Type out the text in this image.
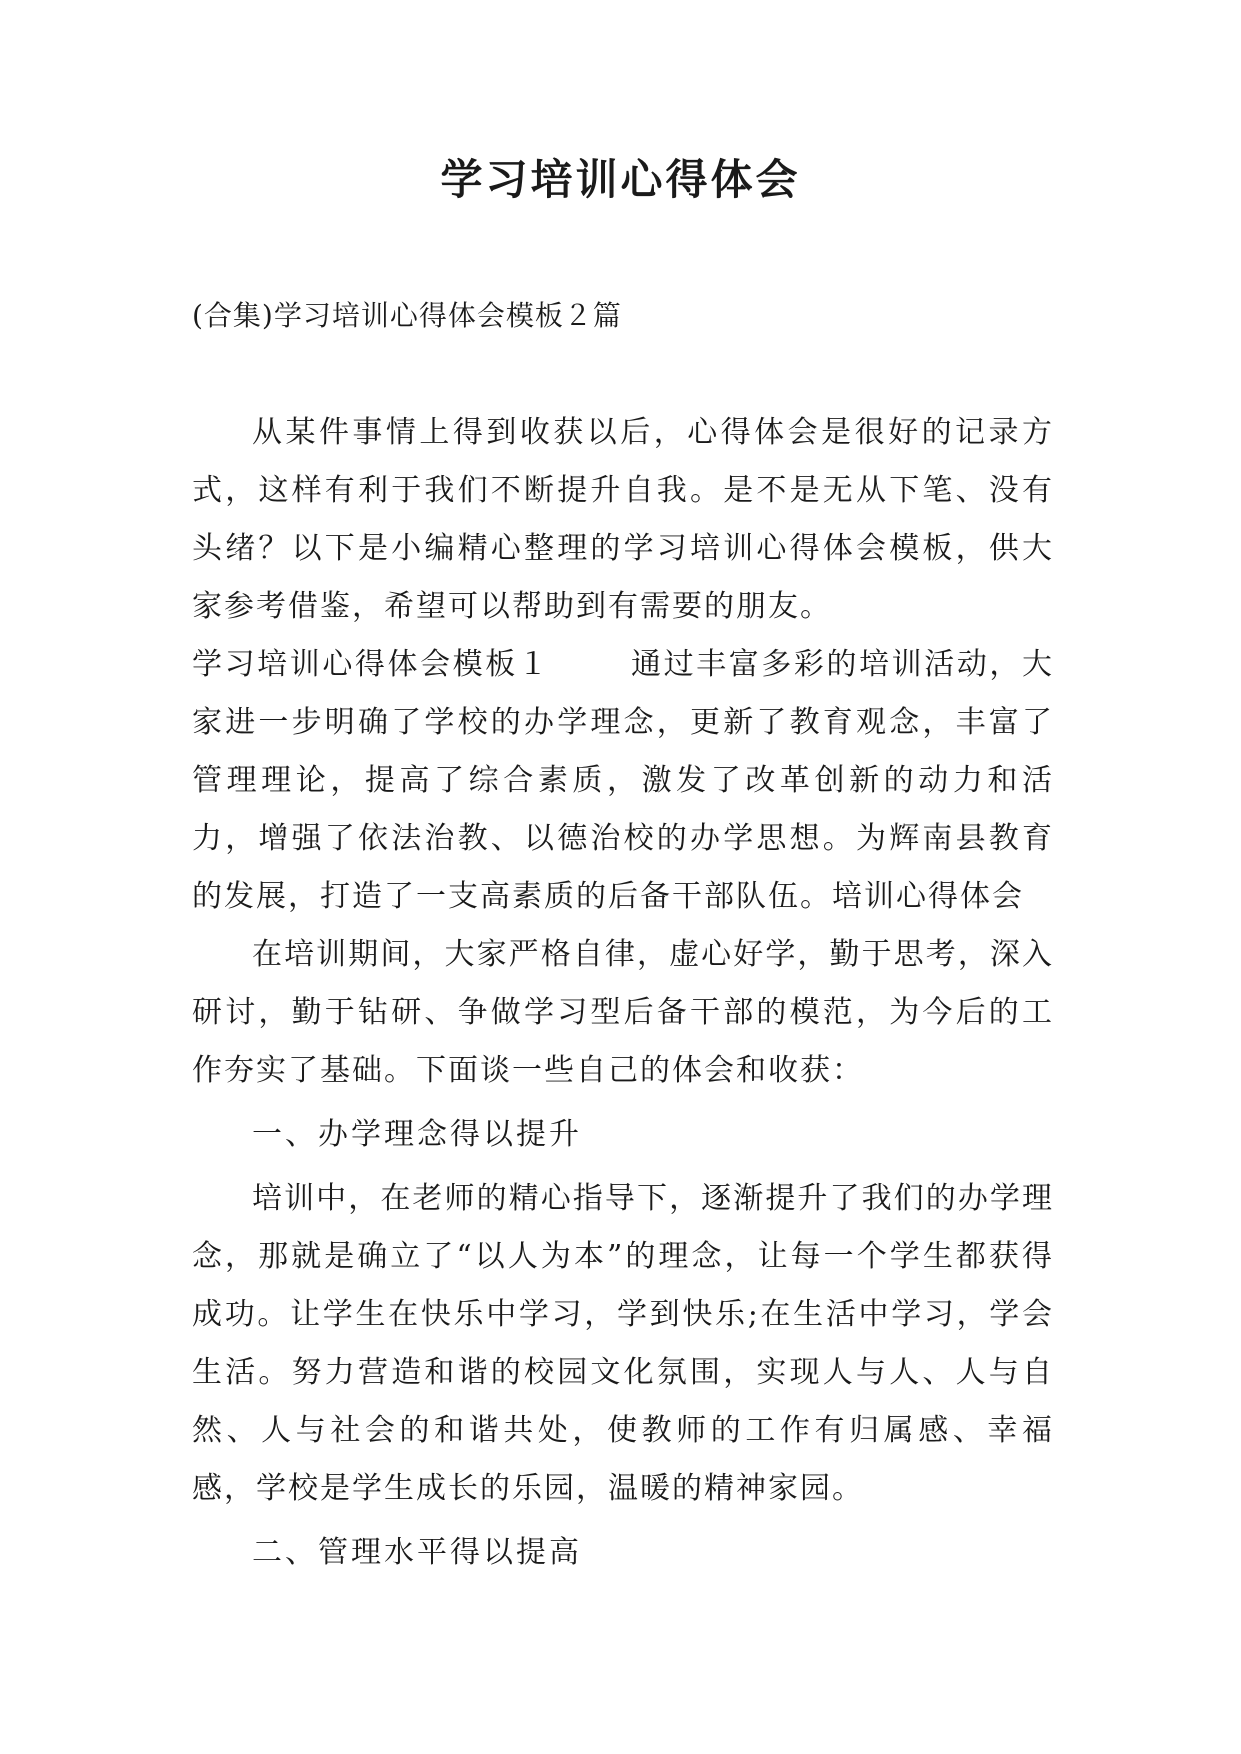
学习培训心得体会

(合集)学习培训心得体会模板２篇

从某件事情上得到收获以后，心得体会是很好的记录方式，这样有利于我们不断提升自我。是不是无从下笔、没有头绪？以下是小编精心整理的学习培训心得体会模板，供大家参考借鉴，希望可以帮助到有需要的朋友。

学习培训心得体会模板１	通过丰富多彩的培训活动，大家进一步明确了学校的办学理念，更新了教育观念，丰富了管理理论，提高了综合素质，激发了改革创新的动力和活力，增强了依法治教、以德治校的办学思想。为辉南县教育的发展，打造了一支高素质的后备干部队伍。培训心得体会

在培训期间，大家严格自律，虚心好学，勤于思考，深入研讨，勤于钻研、争做学习型后备干部的模范，为今后的工作夯实了基础。下面谈一些自己的体会和收获：

一、办学理念得以提升

培训中，在老师的精心指导下，逐渐提升了我们的办学理念，那就是确立了“以人为本”的理念，让每一个学生都获得成功。让学生在快乐中学习，学到快乐;在生活中学习，学会生活。努力营造和谐的校园文化氛围，实现人与人、人与自然、人与社会的和谐共处，使教师的工作有归属感、幸福感，学校是学生成长的乐园，温暖的精神家园。

二、管理水平得以提高
